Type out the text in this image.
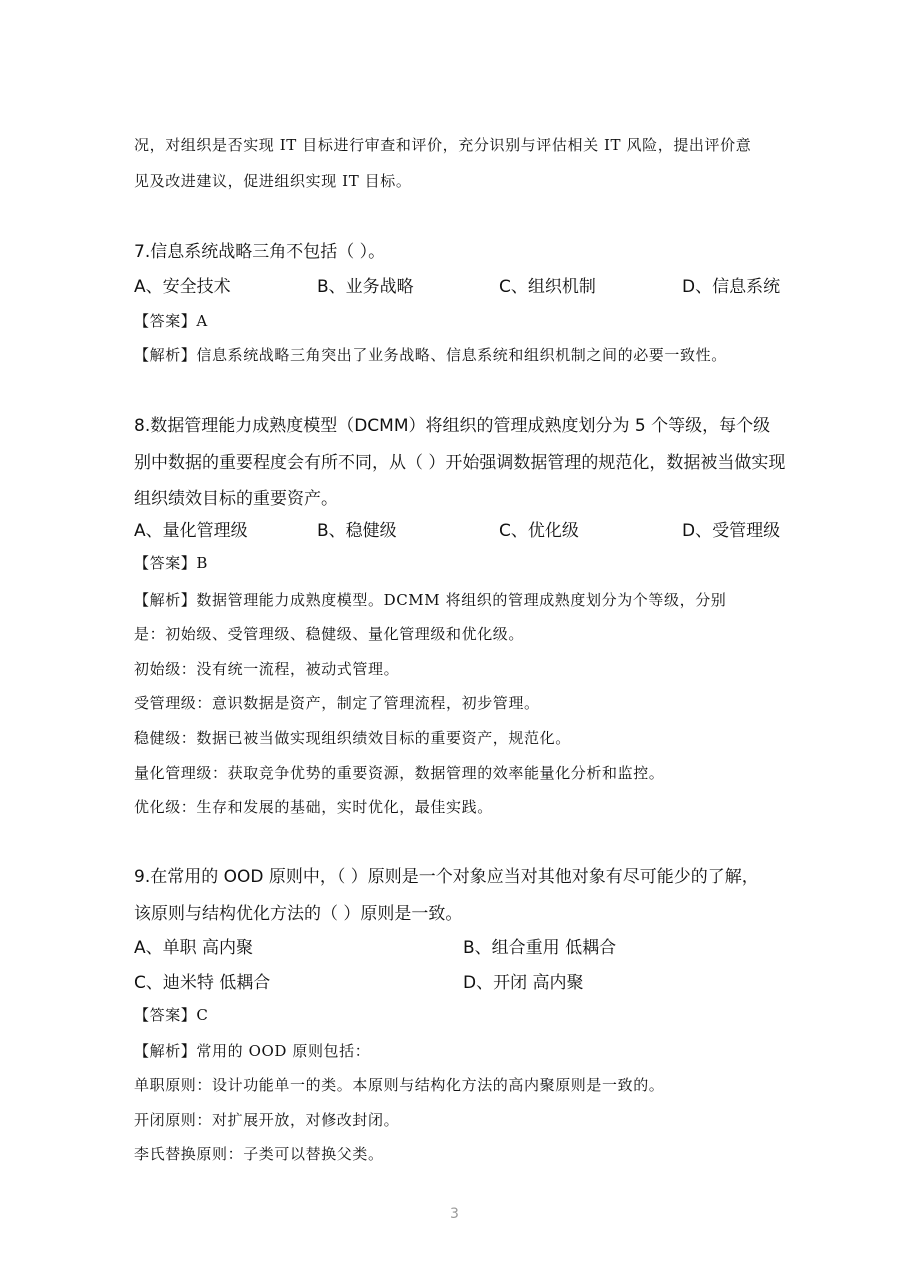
况，对组织是否实现 IT 目标进行审查和评价，充分识别与评估相关 IT 风险，提出评价意
见及改进建议，促进组织实现 IT 目标。
7.信息系统战略三角不包括（ ）。
A、安全技术	B、业务战略	C、组织机制	D、信息系统
【答案】A
【解析】信息系统战略三角突出了业务战略、信息系统和组织机制之间的必要一致性。
8.数据管理能力成熟度模型（DCMM）将组织的管理成熟度划分为 5 个等级，每个级
别中数据的重要程度会有所不同，从（ ）开始强调数据管理的规范化，数据被当做实现
组织绩效目标的重要资产。
A、量化管理级	B、稳健级	C、优化级	D、受管理级
【答案】B
【解析】数据管理能力成熟度模型。DCMM 将组织的管理成熟度划分为个等级，分别
是：初始级、受管理级、稳健级、量化管理级和优化级。
初始级：没有统一流程，被动式管理。
受管理级：意识数据是资产，制定了管理流程，初步管理。
稳健级：数据已被当做实现组织绩效目标的重要资产，规范化。
量化管理级：获取竞争优势的重要资源，数据管理的效率能量化分析和监控。
优化级：生存和发展的基础，实时优化，最佳实践。
9.在常用的 OOD 原则中，（ ）原则是一个对象应当对其他对象有尽可能少的了解，
该原则与结构优化方法的（ ）原则是一致。
A、单职 高内聚	B、组合重用 低耦合
C、迪米特 低耦合	D、开闭 高内聚
【答案】C
【解析】常用的 OOD 原则包括：
单职原则：设计功能单一的类。本原则与结构化方法的高内聚原则是一致的。
开闭原则：对扩展开放，对修改封闭。
李氏替换原则：子类可以替换父类。
3
